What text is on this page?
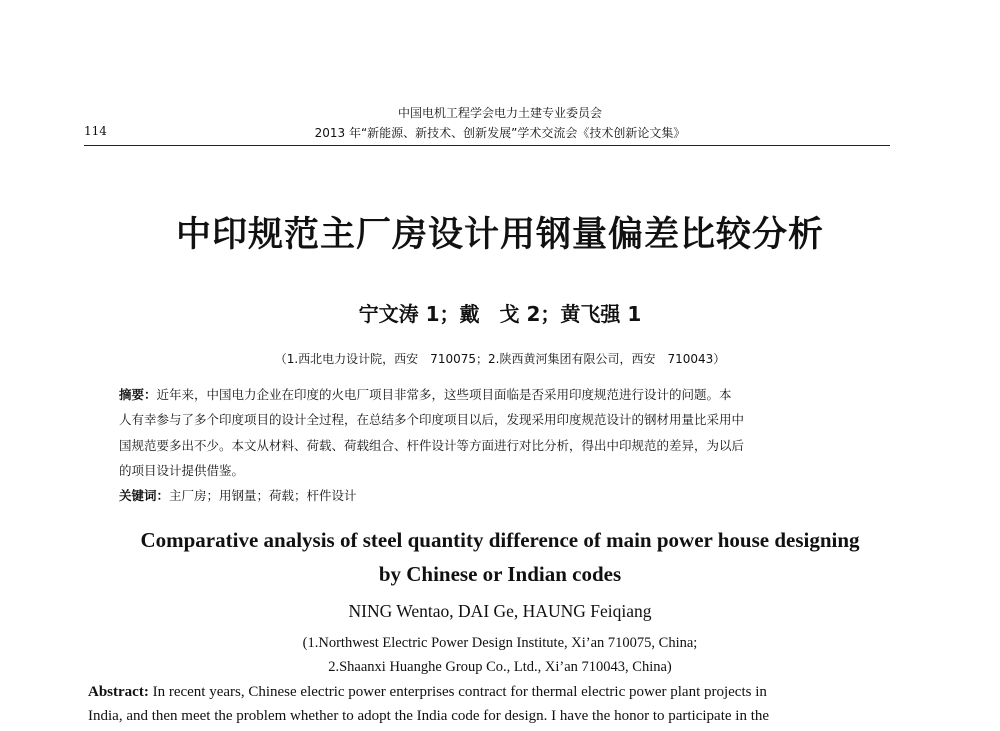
114
中国电机工程学会电力土建专业委员会
2013 年“新能源、新技术、创新发展”学术交流会《技术创新论文集》
中印规范主厂房设计用钢量偏差比较分析
宁文涛 1；戴　戈 2；黄飞强 1
（1.西北电力设计院，西安　710075；2.陕西黄河集团有限公司，西安　710043）
摘要：近年来，中国电力企业在印度的火电厂项目非常多，这些项目面临是否采用印度规范进行设计的问题。本
人有幸参与了多个印度项目的设计全过程，在总结多个印度项目以后，发现采用印度规范设计的钢材用量比采用中
国规范要多出不少。本文从材料、荷载、荷载组合、杆件设计等方面进行对比分析，得出中印规范的差异，为以后
的项目设计提供借鉴。
关键词：主厂房；用钢量；荷载；杆件设计
Comparative analysis of steel quantity difference of main power house designing
by Chinese or Indian codes
NING Wentao, DAI Ge, HAUNG Feiqiang
(1.Northwest Electric Power Design Institute, Xi’an 710075, China;
2.Shaanxi Huanghe Group Co., Ltd., Xi’an 710043, China)
Abstract: In recent years, Chinese electric power enterprises contract for thermal electric power plant projects in
India, and then meet the problem whether to adopt the India code for design. I have the honor to participate in the
